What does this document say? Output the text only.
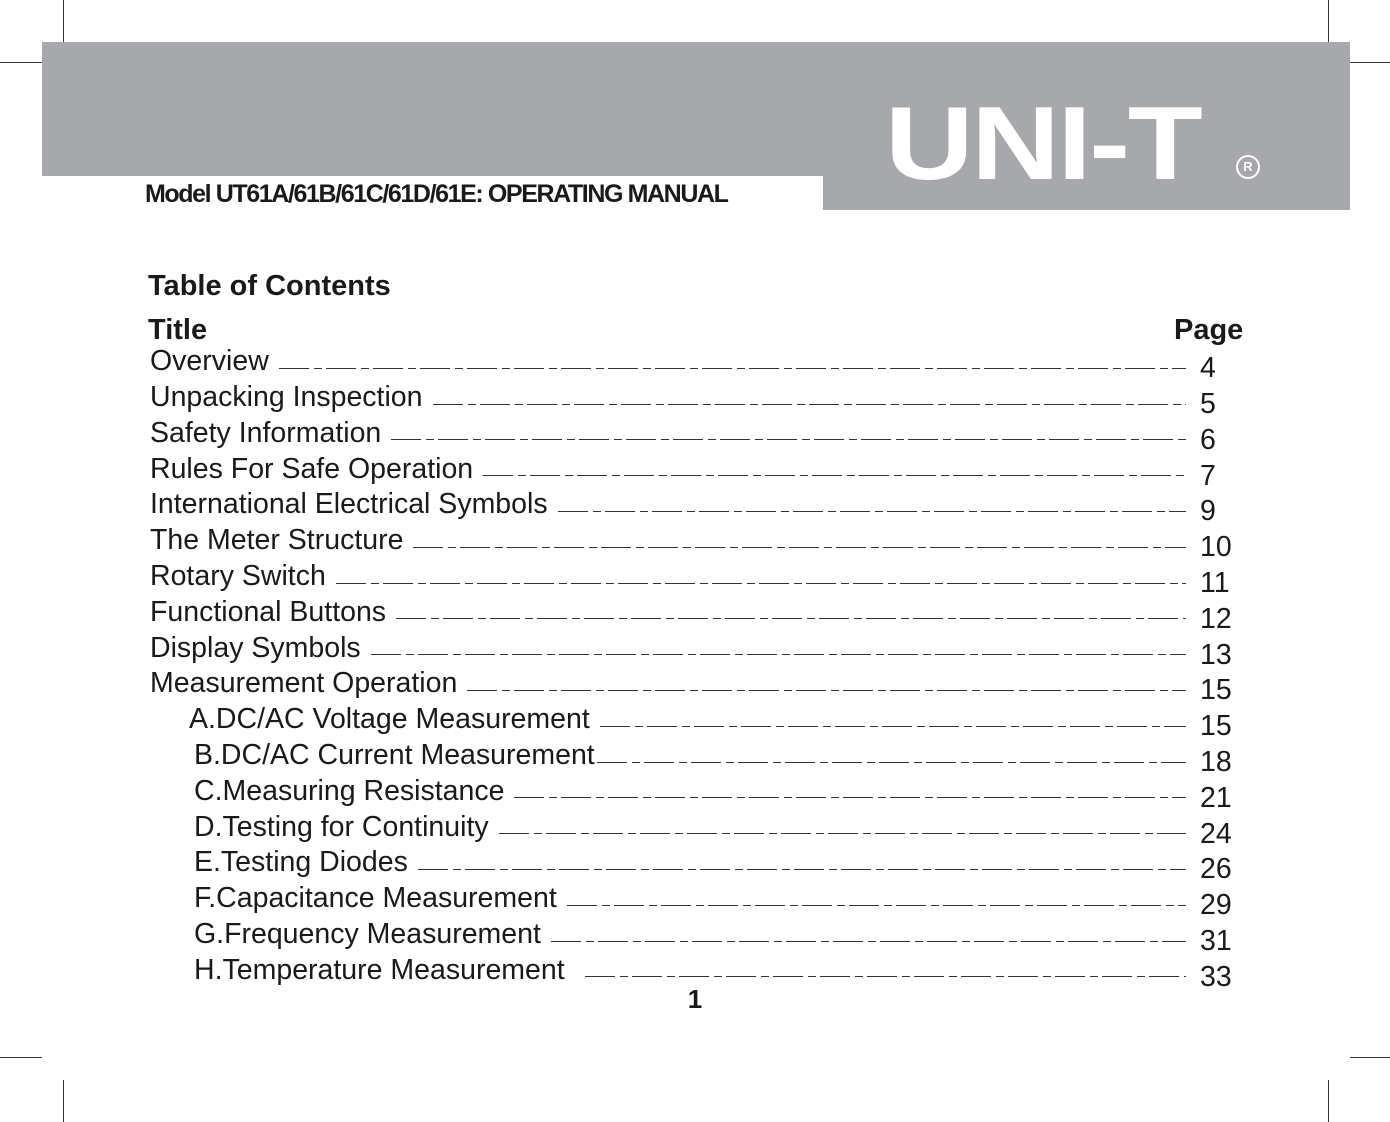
UNI-T	R
Model UT61A/61B/61C/61D/61E: OPERATING MANUAL
Table of Contents
Title	Page
Overview	4
Unpacking Inspection	5
Safety Information	6
Rules For Safe Operation	7
International Electrical Symbols	9
The Meter Structure	10
Rotary Switch	11
Functional Buttons	12
Display Symbols	13
Measurement Operation	15
A.DC/AC Voltage Measurement	15
B.DC/AC Current Measurement	18
C.Measuring Resistance	21
D.Testing for Continuity	24
E.Testing Diodes	26
F.Capacitance Measurement	29
G.Frequency Measurement	31
H.Temperature Measurement	33
1
